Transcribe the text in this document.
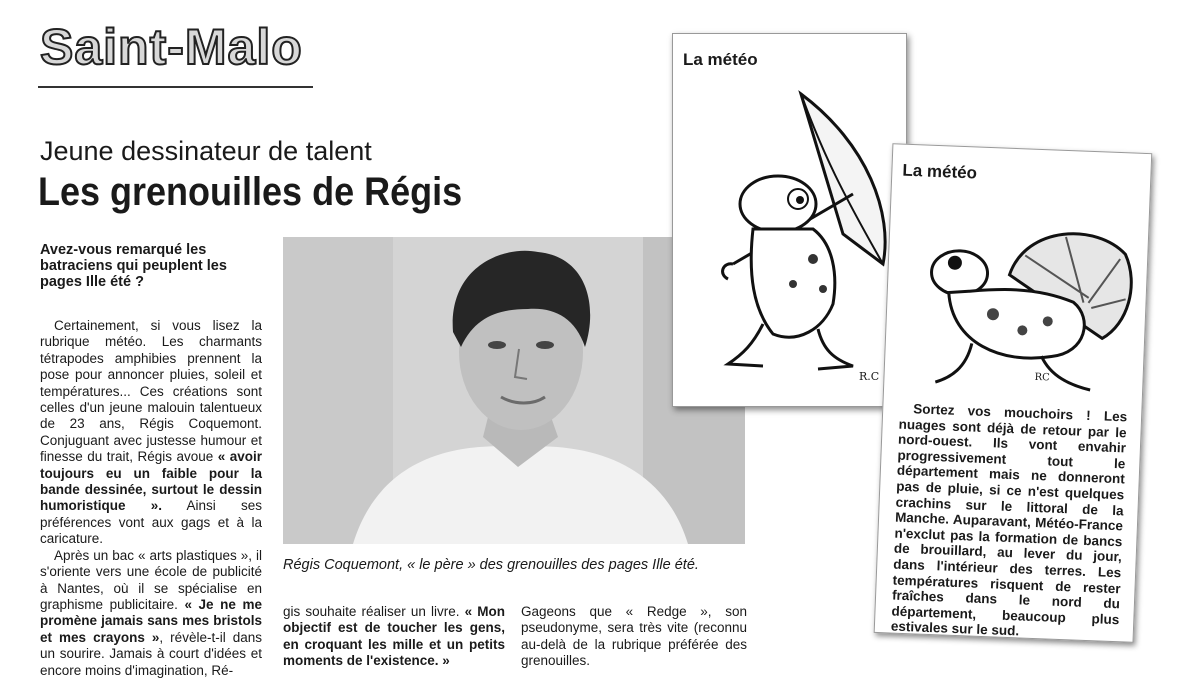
Saint-Malo
Jeune dessinateur de talent
Les grenouilles de Régis
Avez-vous remarqué les batraciens qui peuplent les pages Ille été ?

Certainement, si vous lisez la rubrique météo. Les charmants tétrapodes amphibies prennent la pose pour annoncer pluies, soleil et températures... Ces créations sont celles d'un jeune malouin talentueux de 23 ans, Régis Coquemont. Conjuguant avec justesse humour et finesse du trait, Régis avoue « avoir toujours eu un faible pour la bande dessinée, surtout le dessin humoristique ». Ainsi ses préférences vont aux gags et à la caricature.

Après un bac « arts plastiques », il s'oriente vers une école de publicité à Nantes, où il se spécialise en graphisme publicitaire. « Je ne me promène jamais sans mes bristols et mes crayons », révèle-t-il dans un sourire. Jamais à court d'idées et encore moins d'imagination, Ré-

Régis Coquemont, « le père » des grenouilles des pages Ille été.

gis souhaite réaliser un livre. « Mon objectif est de toucher les gens, en croquant les mille et un petits moments de l'existence. »

Gageons que « Redge », son pseudonyme, sera très vite (reconnu au-delà de la rubrique préférée des grenouilles.

La météo
R.C
La météo
RC

Sortez vos mouchoirs ! Les nuages sont déjà de retour par le nord-ouest. Ils vont envahir progressivement tout le département mais ne donneront pas de pluie, si ce n'est quelques crachins sur le littoral de la Manche. Auparavant, Météo-France n'exclut pas la formation de bancs de brouillard, au lever du jour, dans l'intérieur des terres. Les températures risquent de rester fraîches dans le nord du département, beaucoup plus estivales sur le sud.
